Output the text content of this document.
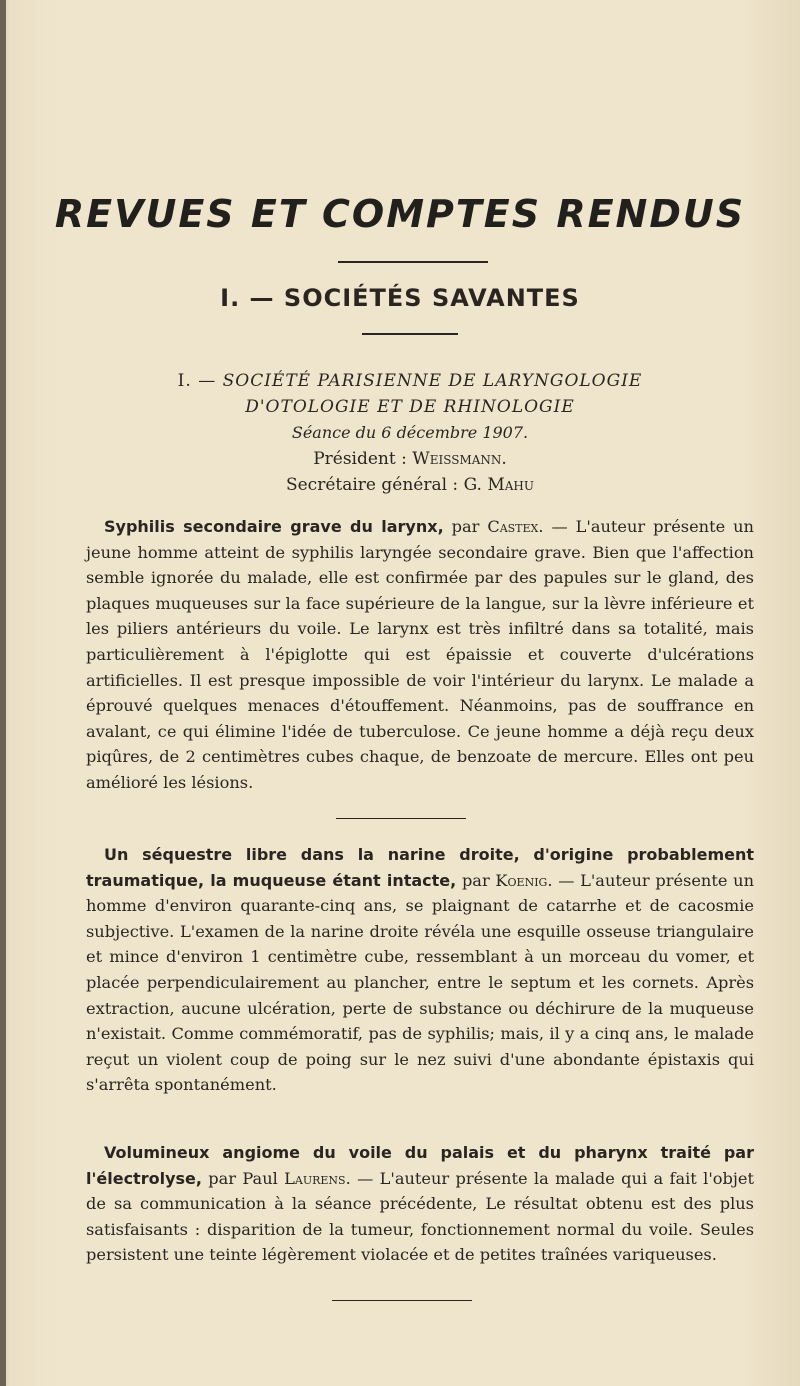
REVUES ET COMPTES RENDUS
I. — SOCIÉTÉS SAVANTES
I. — SOCIÉTÉ PARISIENNE DE LARYNGOLOGIE
D'OTOLOGIE ET DE RHINOLOGIE
Séance du 6 décembre 1907.
Président : Weissmann.
Secrétaire général : G. Mahu

Syphilis secondaire grave du larynx, par Castex. — L'auteur présente un jeune homme atteint de syphilis laryngée secondaire grave. Bien que l'affection semble ignorée du malade, elle est confirmée par des papules sur le gland, des plaques muqueuses sur la face supérieure de la langue, sur la lèvre inférieure et les piliers antérieurs du voile. Le larynx est très infiltré dans sa totalité, mais particulièrement à l'épiglotte qui est épaissie et couverte d'ulcérations artificielles. Il est presque impossible de voir l'intérieur du larynx. Le malade a éprouvé quelques menaces d'étouffement. Néanmoins, pas de souffrance en avalant, ce qui élimine l'idée de tuberculose. Ce jeune homme a déjà reçu deux piqûres, de 2 centimètres cubes chaque, de benzoate de mercure. Elles ont peu amélioré les lésions.

Un séquestre libre dans la narine droite, d'origine probablement traumatique, la muqueuse étant intacte, par Koenig. — L'auteur présente un homme d'environ quarante-cinq ans, se plaignant de catarrhe et de cacosmie subjective. L'examen de la narine droite révéla une esquille osseuse triangulaire et mince d'environ 1 centimètre cube, ressemblant à un morceau du vomer, et placée perpendiculairement au plancher, entre le septum et les cornets. Après extraction, aucune ulcération, perte de substance ou déchirure de la muqueuse n'existait. Comme commémoratif, pas de syphilis; mais, il y a cinq ans, le malade reçut un violent coup de poing sur le nez suivi d'une abondante épistaxis qui s'arrêta spontanément.

Volumineux angiome du voile du palais et du pharynx traité par l'électrolyse, par Paul Laurens. — L'auteur présente la malade qui a fait l'objet de sa communication à la séance précédente, Le résultat obtenu est des plus satisfaisants : disparition de la tumeur, fonctionnement normal du voile. Seules persistent une teinte légèrement violacée et de petites traînées variqueuses.
